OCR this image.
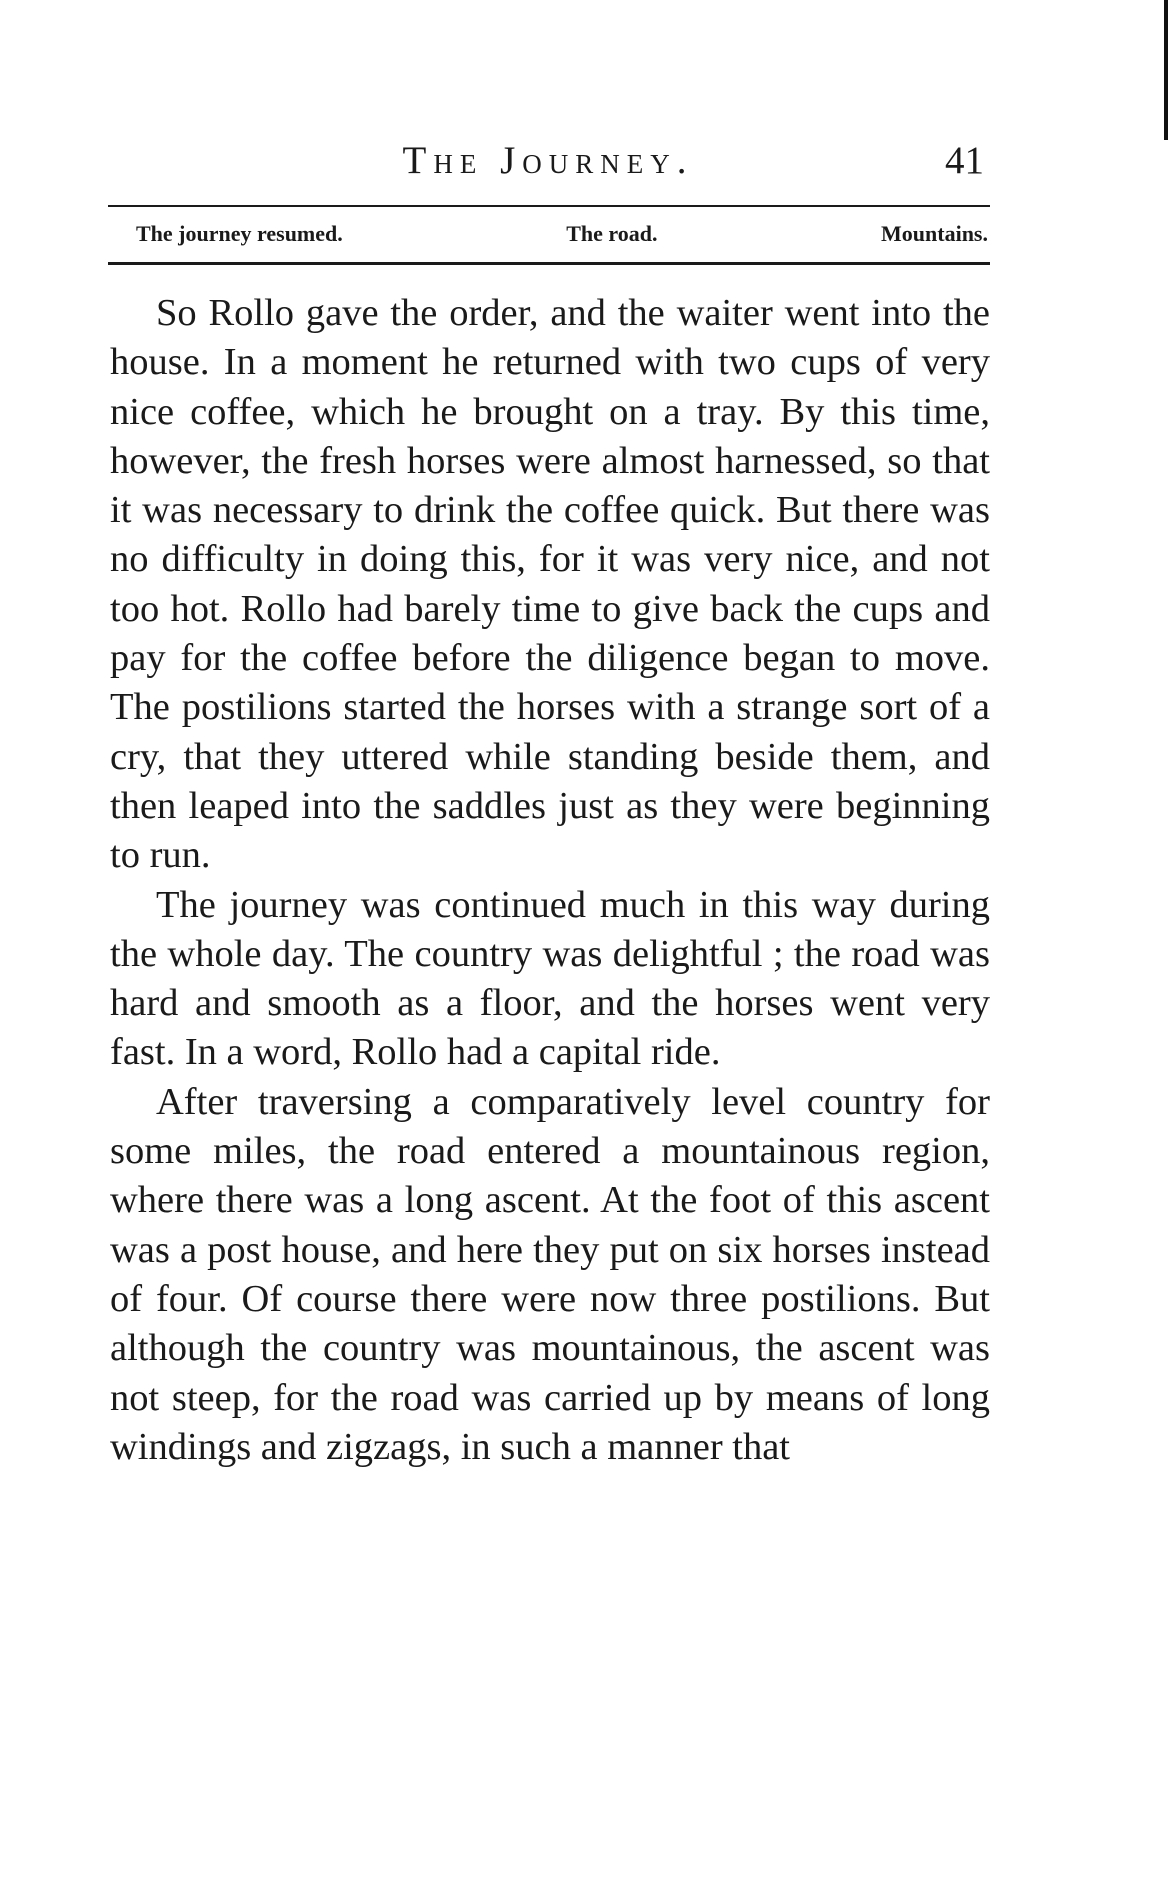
The Journey.	41
The journey resumed.	The road.	Mountains.

So Rollo gave the order, and the waiter went into the house. In a moment he returned with two cups of very nice coffee, which he brought on a tray. By this time, however, the fresh horses were almost harnessed, so that it was necessary to drink the coffee quick. But there was no difficulty in doing this, for it was very nice, and not too hot. Rollo had barely time to give back the cups and pay for the coffee before the diligence began to move. The postilions started the horses with a strange sort of a cry, that they uttered while standing beside them, and then leaped into the saddles just as they were beginning to run.

The journey was continued much in this way during the whole day. The country was delightful ; the road was hard and smooth as a floor, and the horses went very fast. In a word, Rollo had a capital ride.

After traversing a comparatively level country for some miles, the road entered a mountainous region, where there was a long ascent. At the foot of this ascent was a post house, and here they put on six horses instead of four. Of course there were now three postilions. But although the country was mountainous, the ascent was not steep, for the road was carried up by means of long windings and zigzags, in such a manner that
